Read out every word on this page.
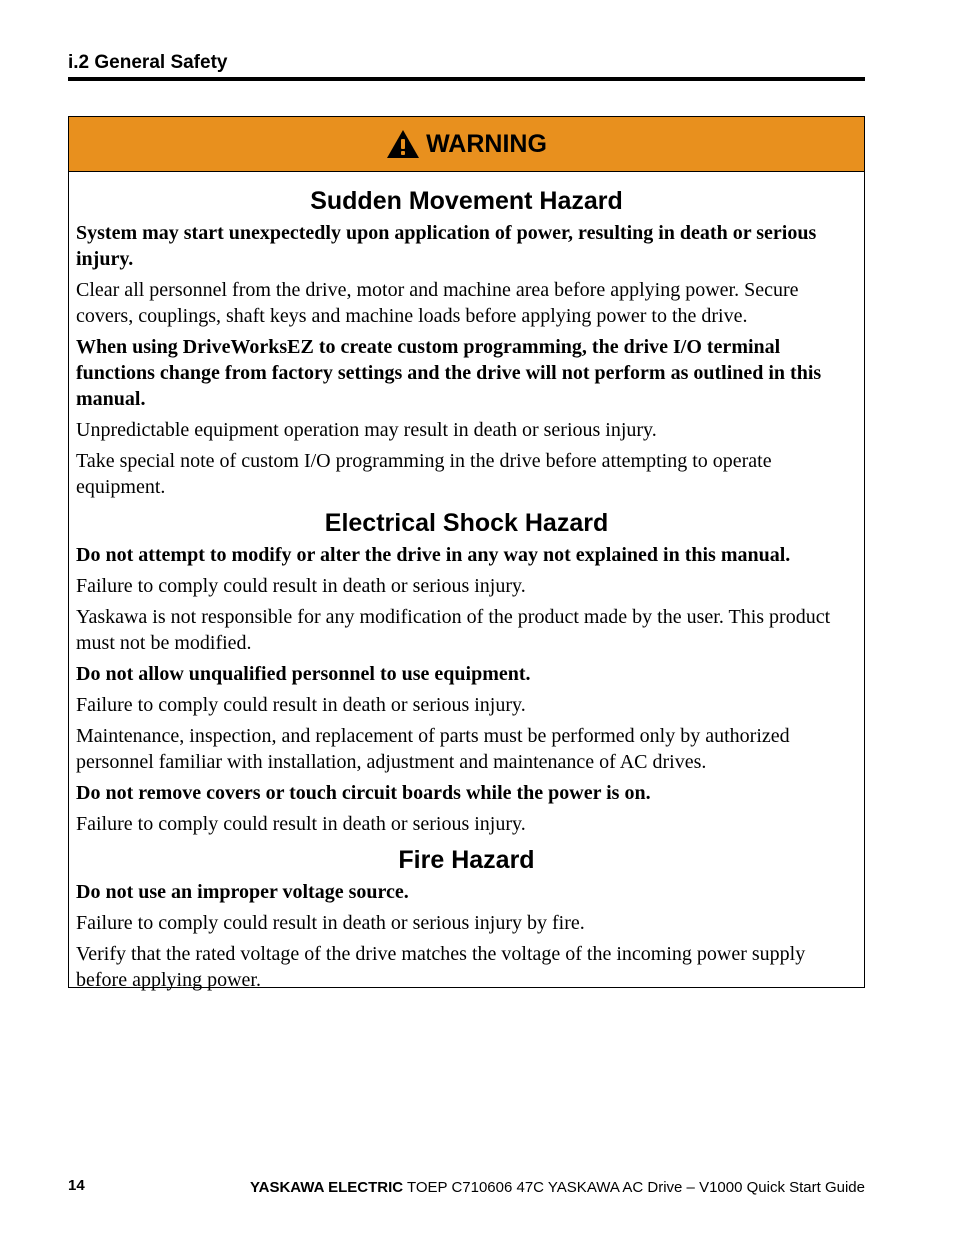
i.2 General Safety
WARNING
Sudden Movement Hazard

System may start unexpectedly upon application of power, resulting in death or serious injury.

Clear all personnel from the drive, motor and machine area before applying power. Secure covers, couplings, shaft keys and machine loads before applying power to the drive.

When using DriveWorksEZ to create custom programming, the drive I/O terminal functions change from factory settings and the drive will not perform as outlined in this manual.

Unpredictable equipment operation may result in death or serious injury.

Take special note of custom I/O programming in the drive before attempting to operate equipment.

Electrical Shock Hazard

Do not attempt to modify or alter the drive in any way not explained in this manual.

Failure to comply could result in death or serious injury.

Yaskawa is not responsible for any modification of the product made by the user. This product must not be modified.

Do not allow unqualified personnel to use equipment.

Failure to comply could result in death or serious injury.

Maintenance, inspection, and replacement of parts must be performed only by authorized personnel familiar with installation, adjustment and maintenance of AC drives.

Do not remove covers or touch circuit boards while the power is on.

Failure to comply could result in death or serious injury.

Fire Hazard

Do not use an improper voltage source.

Failure to comply could result in death or serious injury by fire.

Verify that the rated voltage of the drive matches the voltage of the incoming power supply before applying power.

14	YASKAWA ELECTRIC TOEP C710606 47C YASKAWA AC Drive – V1000 Quick Start Guide
